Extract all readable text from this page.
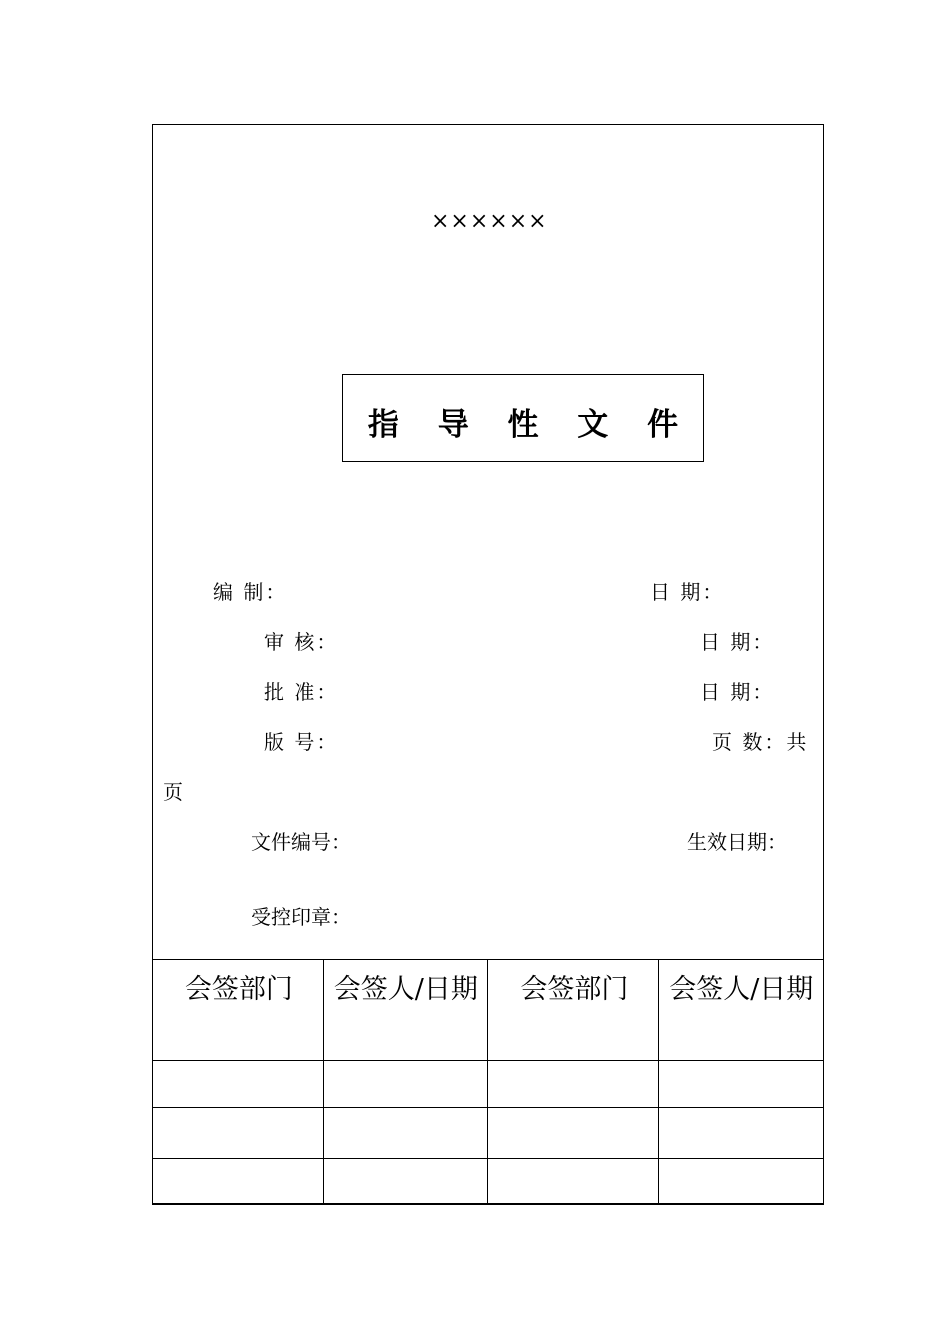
××××××
指 导 性 文 件
编 制：	日 期：
审 核：	日 期：
批 准：	日 期：
版 号：	页 数：共
页
文件编号：	生效日期：
受控印章：
会签部门	会签人/日期	会签部门	会签人/日期
